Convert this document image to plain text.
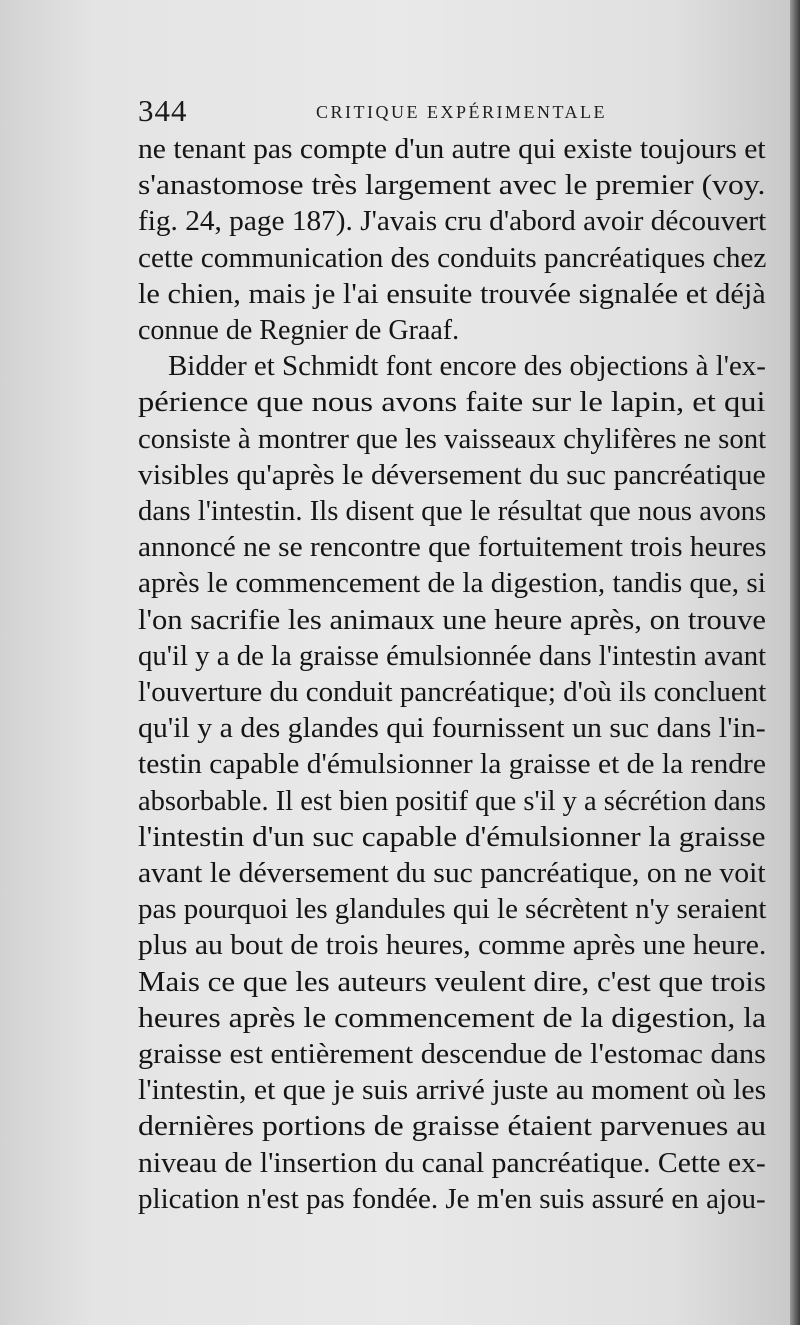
344	CRITIQUE EXPÉRIMENTALE
ne tenant pas compte d'un autre qui existe toujours et
s'anastomose très largement avec le premier (voy.
fig. 24, page 187). J'avais cru d'abord avoir découvert
cette communication des conduits pancréatiques chez
le chien, mais je l'ai ensuite trouvée signalée et déjà
connue de Regnier de Graaf.
Bidder et Schmidt font encore des objections à l'ex-
périence que nous avons faite sur le lapin, et qui
consiste à montrer que les vaisseaux chylifères ne sont
visibles qu'après le déversement du suc pancréatique
dans l'intestin. Ils disent que le résultat que nous avons
annoncé ne se rencontre que fortuitement trois heures
après le commencement de la digestion, tandis que, si
l'on sacrifie les animaux une heure après, on trouve
qu'il y a de la graisse émulsionnée dans l'intestin avant
l'ouverture du conduit pancréatique; d'où ils concluent
qu'il y a des glandes qui fournissent un suc dans l'in-
testin capable d'émulsionner la graisse et de la rendre
absorbable. Il est bien positif que s'il y a sécrétion dans
l'intestin d'un suc capable d'émulsionner la graisse
avant le déversement du suc pancréatique, on ne voit
pas pourquoi les glandules qui le sécrètent n'y seraient
plus au bout de trois heures, comme après une heure.
Mais ce que les auteurs veulent dire, c'est que trois
heures après le commencement de la digestion, la
graisse est entièrement descendue de l'estomac dans
l'intestin, et que je suis arrivé juste au moment où les
dernières portions de graisse étaient parvenues au
niveau de l'insertion du canal pancréatique. Cette ex-
plication n'est pas fondée. Je m'en suis assuré en ajou-
